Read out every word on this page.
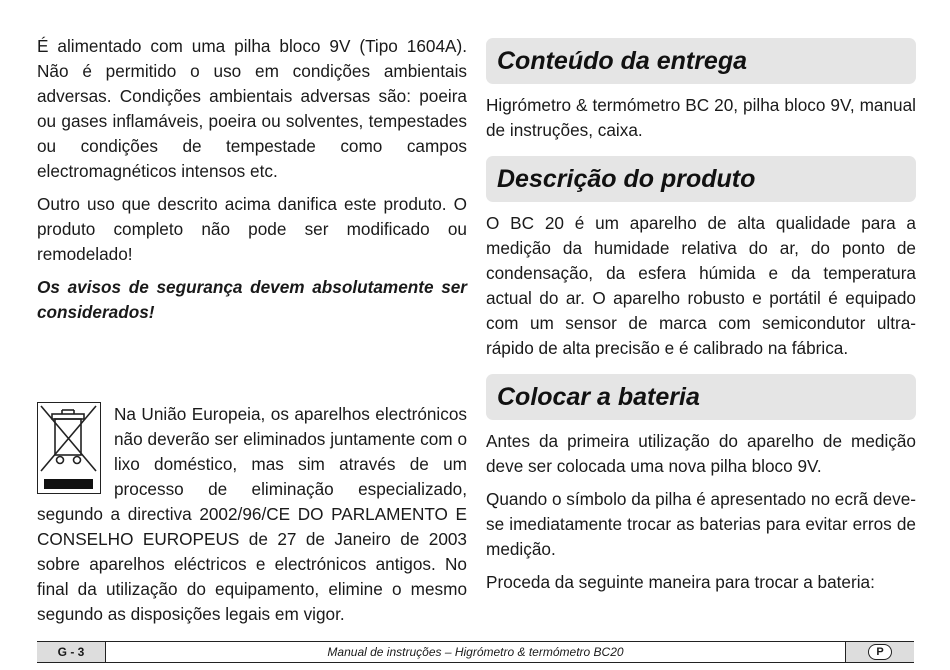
É alimentado com uma pilha bloco 9V (Tipo 1604A). Não é permitido o uso em condições ambientais adversas. Condições ambientais adversas são: poeira ou gases inflamáveis, poeira ou solventes, tempestades ou condições de tempestade como campos electromagnéticos intensos etc.

Outro uso que descrito acima danifica este produto. O produto completo não pode ser modificado ou remodelado!

Os avisos de segurança devem absolutamente ser considerados!

Na União Europeia, os aparelhos electrónicos não deverão ser eliminados juntamente com o lixo doméstico, mas sim através de um processo de eliminação especializado, segundo a directiva 2002/96/CE DO PARLAMENTO E CONSELHO EUROPEUS de 27 de Janeiro de 2003 sobre aparelhos eléctricos e electrónicos antigos. No final da utilização do equipamento, elimine o mesmo segundo as disposições legais em vigor.

Conteúdo da entrega

Higrómetro & termómetro BC 20, pilha bloco 9V, manual de instruções, caixa.

Descrição do produto

O BC 20 é um aparelho de alta qualidade para a medição da humidade relativa do ar, do ponto de condensação, da esfera húmida e da temperatura actual do ar. O aparelho robusto e portátil é equipado com um sensor de marca com semicondutor ultra-rápido de alta precisão e é calibrado na fábrica.

Colocar a bateria

Antes da primeira utilização do aparelho de medição deve ser colocada uma nova pilha bloco 9V.

Quando o símbolo da pilha é apresentado no ecrã deve-se imediatamente trocar as baterias para evitar erros de medição.

Proceda da seguinte maneira para trocar a bateria:

G - 3	Manual de instruções – Higrómetro & termómetro BC20	P
